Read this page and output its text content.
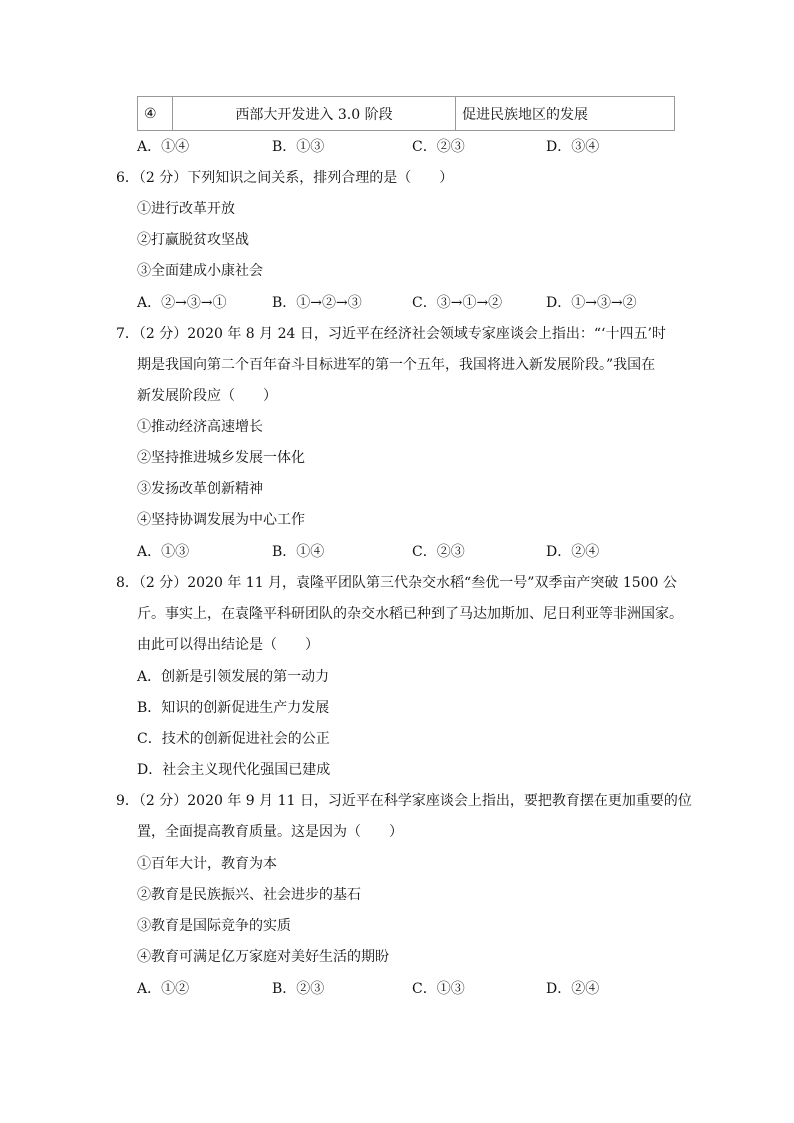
④	西部大开发进入 3.0 阶段	促进民族地区的发展
A．①④	B．①③	C．②③	D．③④
6．（2 分）下列知识之间关系，排列合理的是（　　）
①进行改革开放
②打赢脱贫攻坚战
③全面建成小康社会
A．②→③→①	B．①→②→③	C．③→①→②	D．①→③→②
7．（2 分）2020 年 8 月 24 日，习近平在经济社会领域专家座谈会上指出：“‘十四五’时
期是我国向第二个百年奋斗目标进军的第一个五年，我国将进入新发展阶段。”我国在
新发展阶段应（　　）
①推动经济高速增长
②坚持推进城乡发展一体化
③发扬改革创新精神
④坚持协调发展为中心工作
A．①③	B．①④	C．②③	D．②④
8．（2 分）2020 年 11 月，袁隆平团队第三代杂交水稻“叁优一号”双季亩产突破 1500 公
斤。事实上，在袁隆平科研团队的杂交水稻已种到了马达加斯加、尼日利亚等非洲国家。
由此可以得出结论是（　　）
A．创新是引领发展的第一动力
B．知识的创新促进生产力发展
C．技术的创新促进社会的公正
D．社会主义现代化强国已建成
9．（2 分）2020 年 9 月 11 日，习近平在科学家座谈会上指出，要把教育摆在更加重要的位
置，全面提高教育质量。这是因为（　　）
①百年大计，教育为本
②教育是民族振兴、社会进步的基石
③教育是国际竞争的实质
④教育可满足亿万家庭对美好生活的期盼
A．①②	B．②③	C．①③	D．②④
